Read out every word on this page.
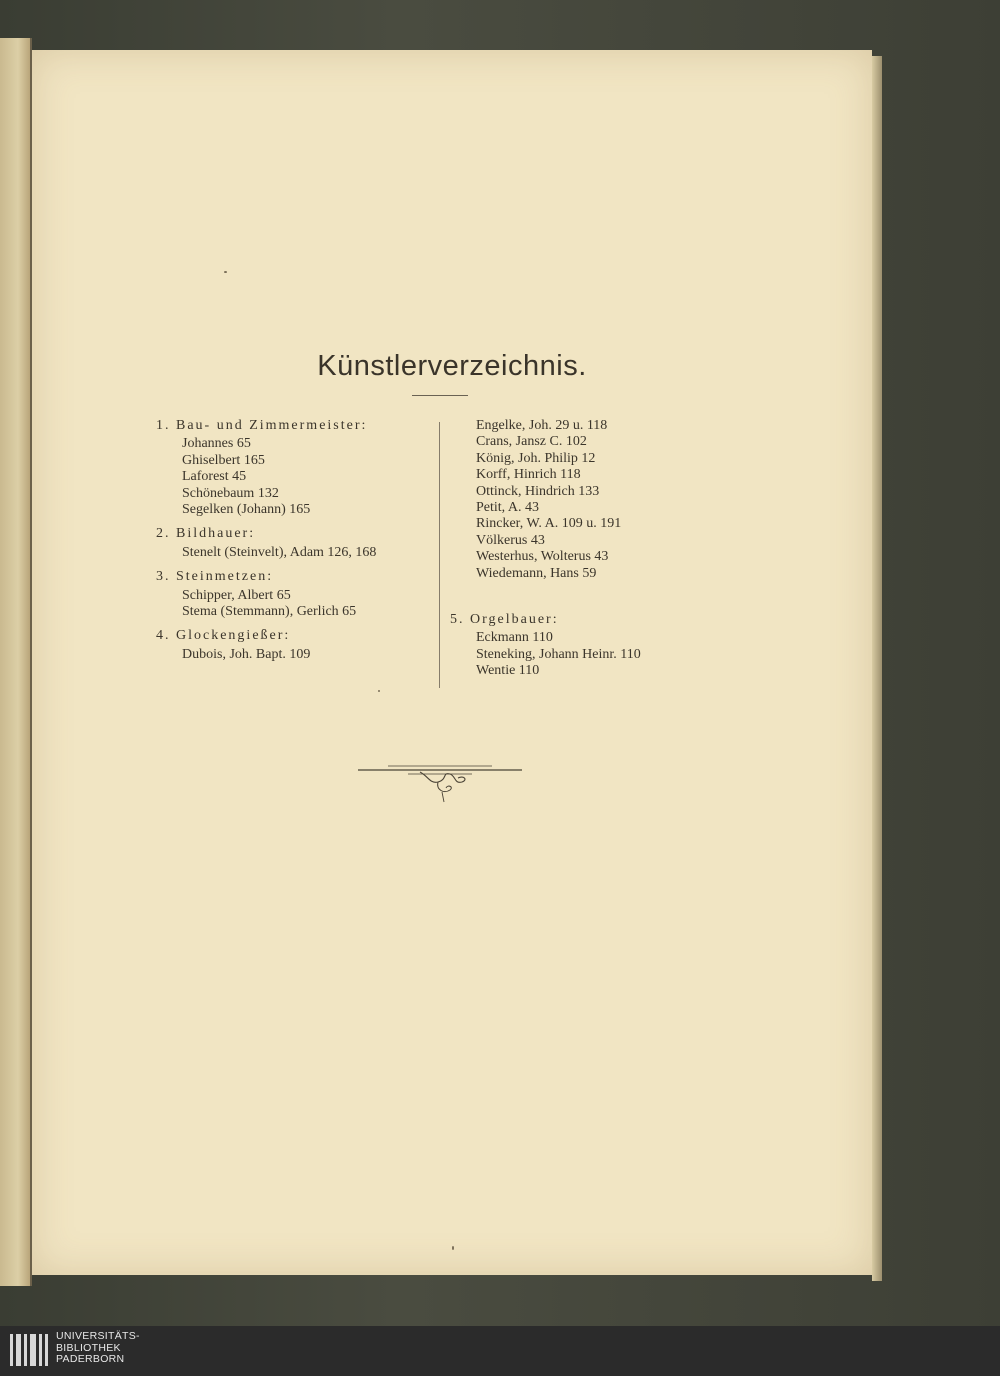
Künstlerverzeichnis.
1. Bau- und Zimmermeister:
Johannes 65
Ghiselbert 165
Laforest 45
Schönebaum 132
Segelken (Johann) 165
2. Bildhauer:
Stenelt (Steinvelt), Adam 126, 168
3. Steinmetzen:
Schipper, Albert 65
Stema (Stemmann), Gerlich 65
4. Glockengießer:
Dubois, Joh. Bapt. 109
Engelke, Joh. 29 u. 118
Crans, Jansz C. 102
König, Joh. Philip 12
Korff, Hinrich 118
Ottinck, Hindrich 133
Petit, A. 43
Rincker, W. A. 109 u. 191
Völkerus 43
Westerhus, Wolterus 43
Wiedemann, Hans 59
5. Orgelbauer:
Eckmann 110
Steneking, Johann Heinr. 110
Wentie 110
UNIVERSITÄTS-
BIBLIOTHEK
PADERBORN
